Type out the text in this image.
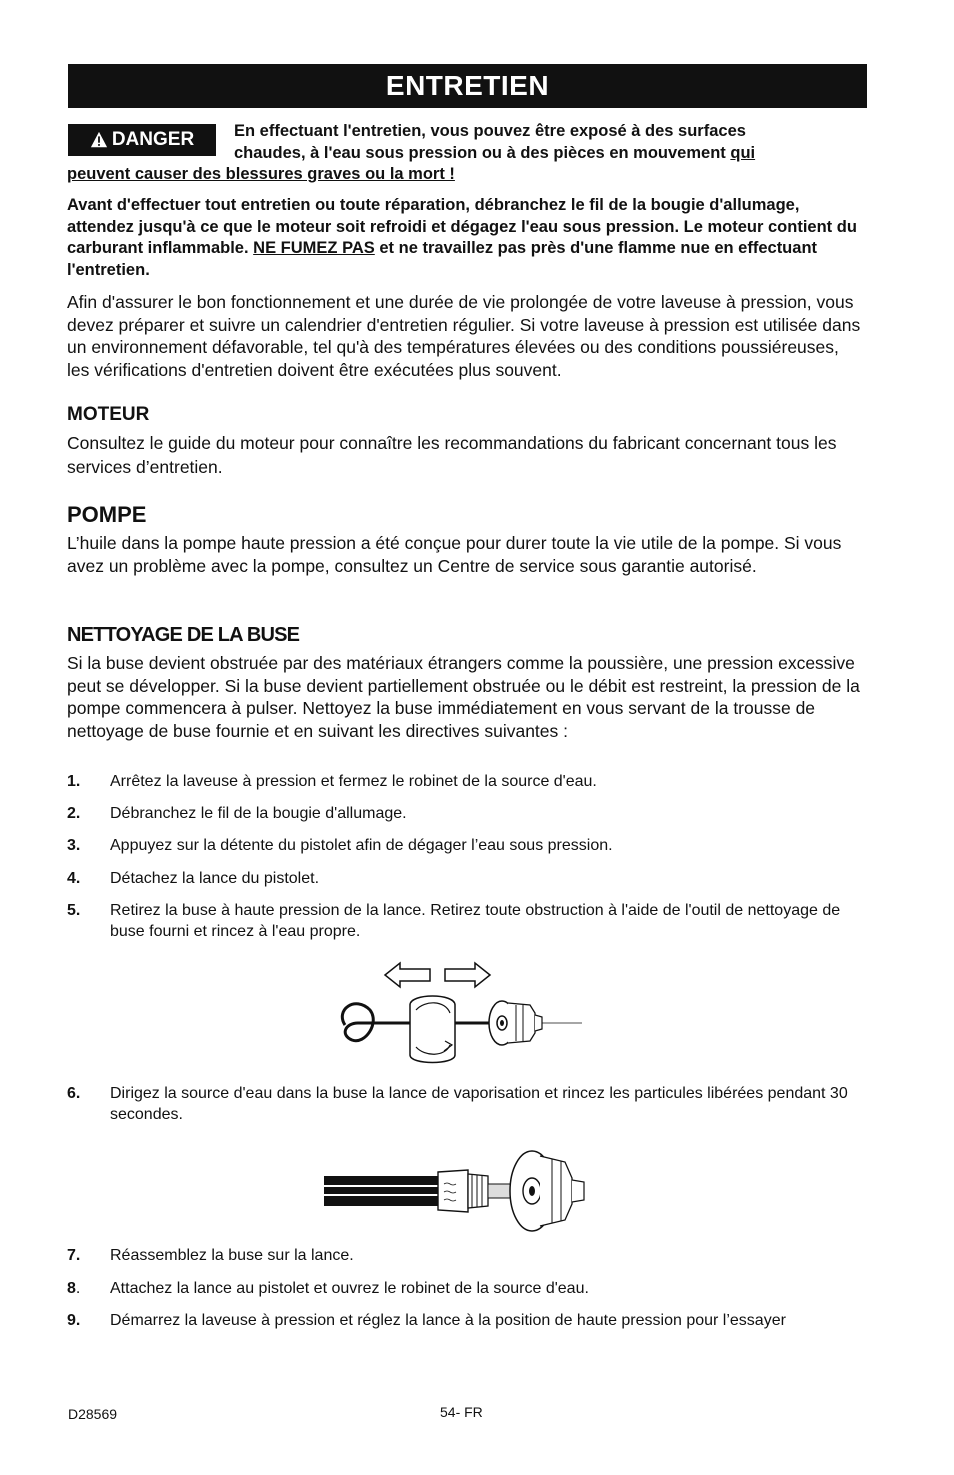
ENTRETIEN
DANGER En effectuant l'entretien, vous pouvez être exposé à des surfaces
chaudes, à l'eau sous pression ou à des pièces en mouvement qui
peuvent causer des blessures graves ou la mort !
Avant d'effectuer tout entretien ou toute réparation, débranchez le fil de la bougie d'allumage, attendez jusqu'à ce que le moteur soit refroidi et dégagez l'eau sous pression. Le moteur contient du carburant inflammable. NE FUMEZ PAS et ne travaillez pas près d'une flamme nue en effectuant l'entretien.
Afin d'assurer le bon fonctionnement et une durée de vie prolongée de votre laveuse à pression, vous devez préparer et suivre un calendrier d'entretien régulier. Si votre laveuse à pression est utilisée dans un environnement défavorable, tel qu'à des températures élevées ou des conditions poussiéreuses, les vérifications d'entretien doivent être exécutées plus souvent.
MOTEUR
Consultez le guide du moteur pour connaître les recommandations du fabricant concernant tous les services d’entretien.
POMPE
L’huile dans la pompe haute pression a été conçue pour durer toute la vie utile de la pompe. Si vous avez un problème avec la pompe, consultez un Centre de service sous garantie autorisé.
NETTOYAGE DE LA BUSE
Si la buse devient obstruée par des matériaux étrangers comme la poussière, une pression excessive peut se développer. Si la buse devient partiellement obstruée ou le débit est restreint, la pression de la pompe commencera à pulser. Nettoyez la buse immédiatement en vous servant de la trousse de nettoyage de buse fournie et en suivant les directives suivantes :
1.	Arrêtez la laveuse à pression et fermez le robinet de la source d'eau.
2.	Débranchez le fil de la bougie d'allumage.
3.	Appuyez sur la détente du pistolet afin de dégager l’eau sous pression.
4.	Détachez la lance du pistolet.
5.	Retirez la buse à haute pression de la lance. Retirez toute obstruction à l'aide de l'outil de nettoyage de buse fourni et rincez à l'eau propre.
6.	Dirigez la source d'eau dans la buse la lance de vaporisation et rincez les particules libérées pendant 30 secondes.
7.	Réassemblez la buse sur la lance.
8.	Attachez la lance au pistolet et ouvrez le robinet de la source d'eau.
9.	Démarrez la laveuse à pression et réglez la lance à la position de haute pression pour l’essayer
D28569	54- FR
